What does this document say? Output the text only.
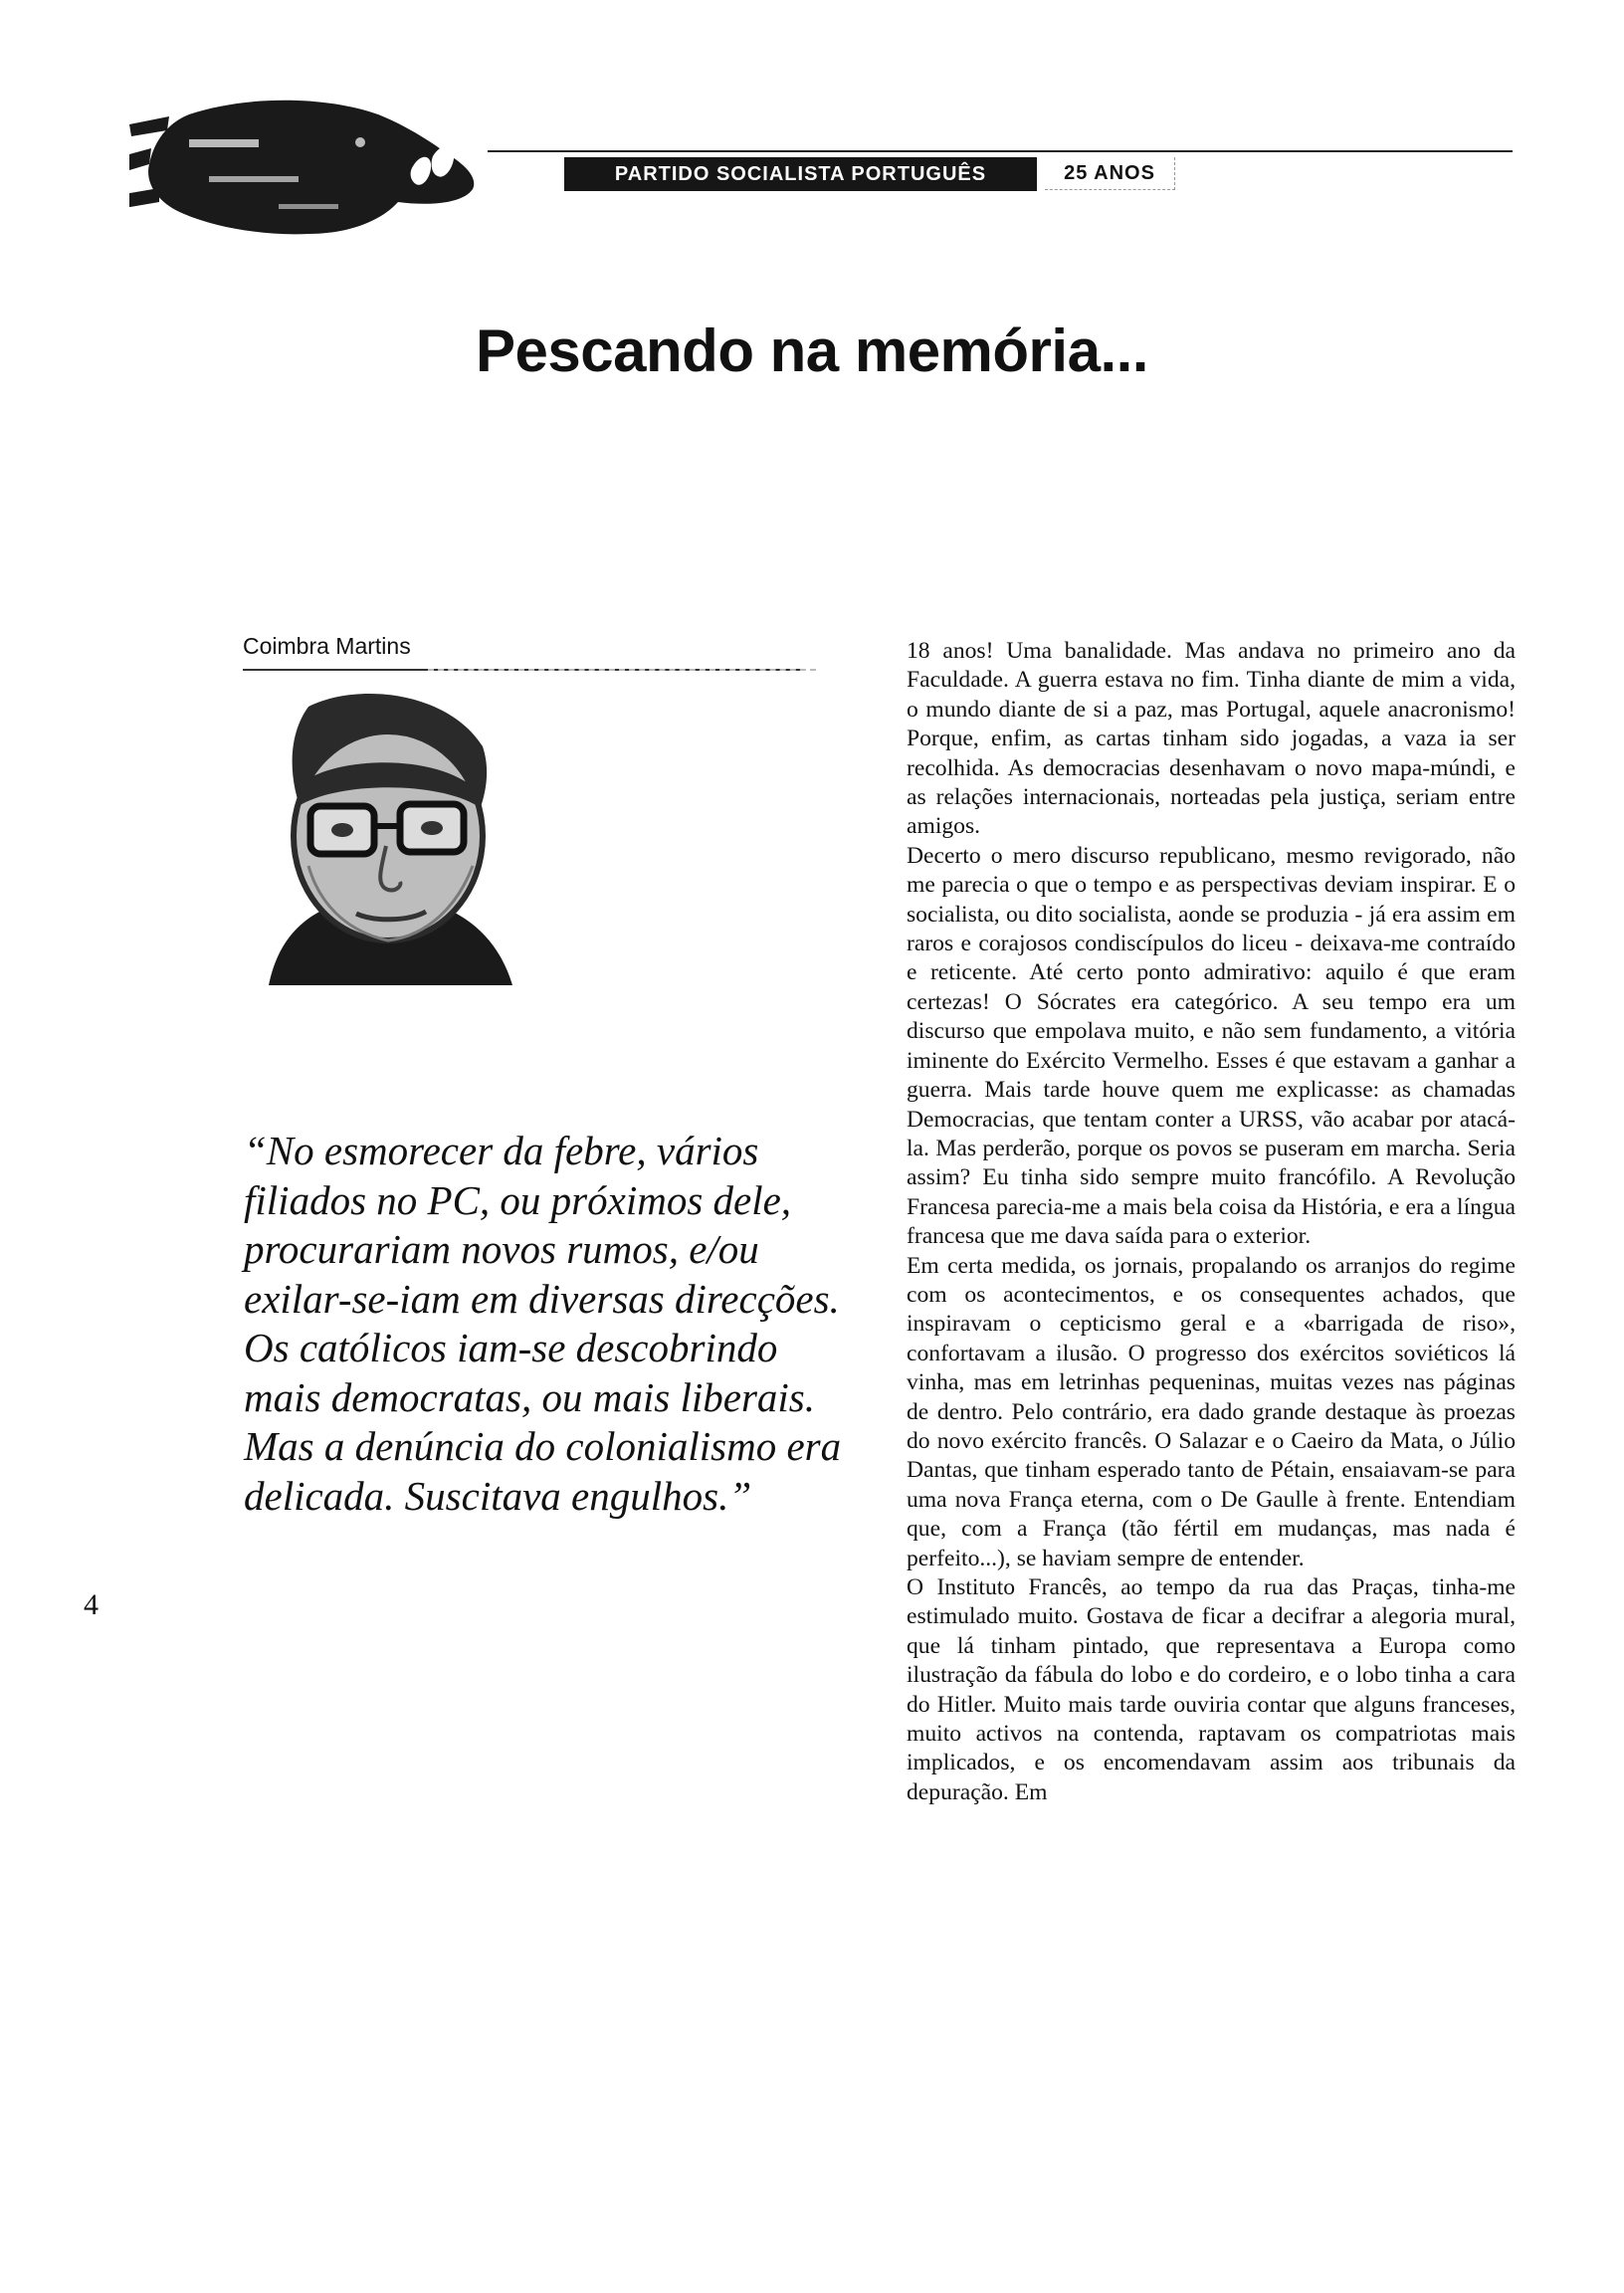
PARTIDO SOCIALISTA PORTUGUÊS	25 ANOS
Pescando na memória...
Coimbra Martins
“No esmorecer da febre, vários filiados no PC, ou próximos dele, procurariam novos rumos, e/ou exilar-se-iam em diversas direcções. Os católicos iam-se descobrindo mais democratas, ou mais liberais. Mas a denúncia do colonialismo era delicada. Suscitava engulhos.”
4

18 anos! Uma banalidade. Mas andava no primeiro ano da Faculdade. A guerra estava no fim. Tinha diante de mim a vida, o mundo diante de si a paz, mas Portugal, aquele anacronismo! Porque, enfim, as cartas tinham sido jogadas, a vaza ia ser recolhida. As democracias desenhavam o novo mapa-múndi, e as relações internacionais, norteadas pela justiça, seriam entre amigos.

Decerto o mero discurso republicano, mesmo revigorado, não me parecia o que o tempo e as perspectivas deviam inspirar. E o socialista, ou dito socialista, aonde se produzia - já era assim em raros e corajosos condiscípulos do liceu - deixava-me contraído e reticente. Até certo ponto admirativo: aquilo é que eram certezas! O Sócrates era categórico. A seu tempo era um discurso que empolava muito, e não sem fundamento, a vitória iminente do Exército Vermelho. Esses é que estavam a ganhar a guerra. Mais tarde houve quem me explicasse: as chamadas Democracias, que tentam conter a URSS, vão acabar por atacá-la. Mas perderão, porque os povos se puseram em marcha. Seria assim? Eu tinha sido sempre muito francófilo. A Revolução Francesa parecia-me a mais bela coisa da História, e era a língua francesa que me dava saída para o exterior.

Em certa medida, os jornais, propalando os arranjos do regime com os acontecimentos, e os consequentes achados, que inspiravam o cepticismo geral e a «barrigada de riso», confortavam a ilusão. O progresso dos exércitos soviéticos lá vinha, mas em letrinhas pequeninas, muitas vezes nas páginas de dentro. Pelo contrário, era dado grande destaque às proezas do novo exército francês. O Salazar e o Caeiro da Mata, o Júlio Dantas, que tinham esperado tanto de Pétain, ensaiavam-se para uma nova França eterna, com o De Gaulle à frente. Entendiam que, com a França (tão fértil em mudanças, mas nada é perfeito...), se haviam sempre de entender.

O Instituto Francês, ao tempo da rua das Praças, tinha-me estimulado muito. Gostava de ficar a decifrar a alegoria mural, que lá tinham pintado, que representava a Europa como ilustração da fábula do lobo e do cordeiro, e o lobo tinha a cara do Hitler. Muito mais tarde ouviria contar que alguns franceses, muito activos na contenda, raptavam os compatriotas mais implicados, e os encomendavam assim aos tribunais da depuração. Em
